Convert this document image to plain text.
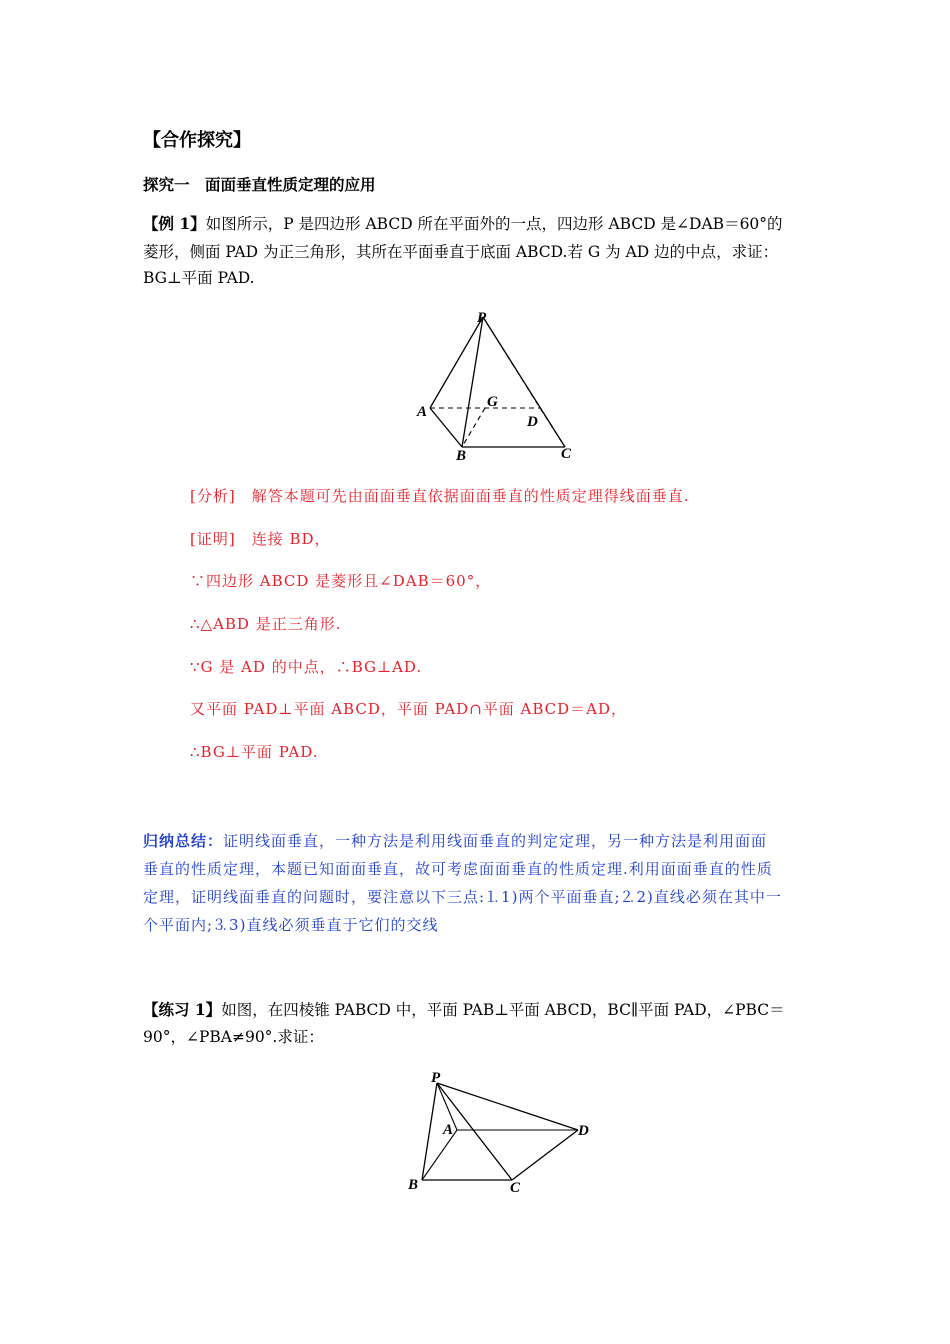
【合作探究】
探究一　面面垂直性质定理的应用
【例 1】如图所示，P 是四边形 ABCD 所在平面外的一点，四边形 ABCD 是∠DAB＝60°的
菱形，侧面 PAD 为正三角形，其所在平面垂直于底面 ABCD.若 G 为 AD 边的中点，求证：
BG⊥平面 PAD.
P
A
G
D
B	C
[分析]　解答本题可先由面面垂直依据面面垂直的性质定理得线面垂直.
[证明]　连接 BD，
∵四边形 ABCD 是菱形且∠DAB＝60°，
∴△ABD 是正三角形.
∵G 是 AD 的中点，∴BG⊥AD.
又平面 PAD⊥平面 ABCD，平面 PAD∩平面 ABCD＝AD，
∴BG⊥平面 PAD.
归纳总结：证明线面垂直，一种方法是利用线面垂直的判定定理，另一种方法是利用面面
垂直的性质定理，本题已知面面垂直，故可考虑面面垂直的性质定理.利用面面垂直的性质
定理，证明线面垂直的问题时，要注意以下三点:⒈1)两个平面垂直;⒉2)直线必须在其中一
个平面内;⒊3)直线必须垂直于它们的交线
【练习 1】如图，在四棱锥 PABCD 中，平面 PAB⊥平面 ABCD，BC∥平面 PAD，∠PBC＝
90°，∠PBA≠90°.求证：
P
A	D
B	C
